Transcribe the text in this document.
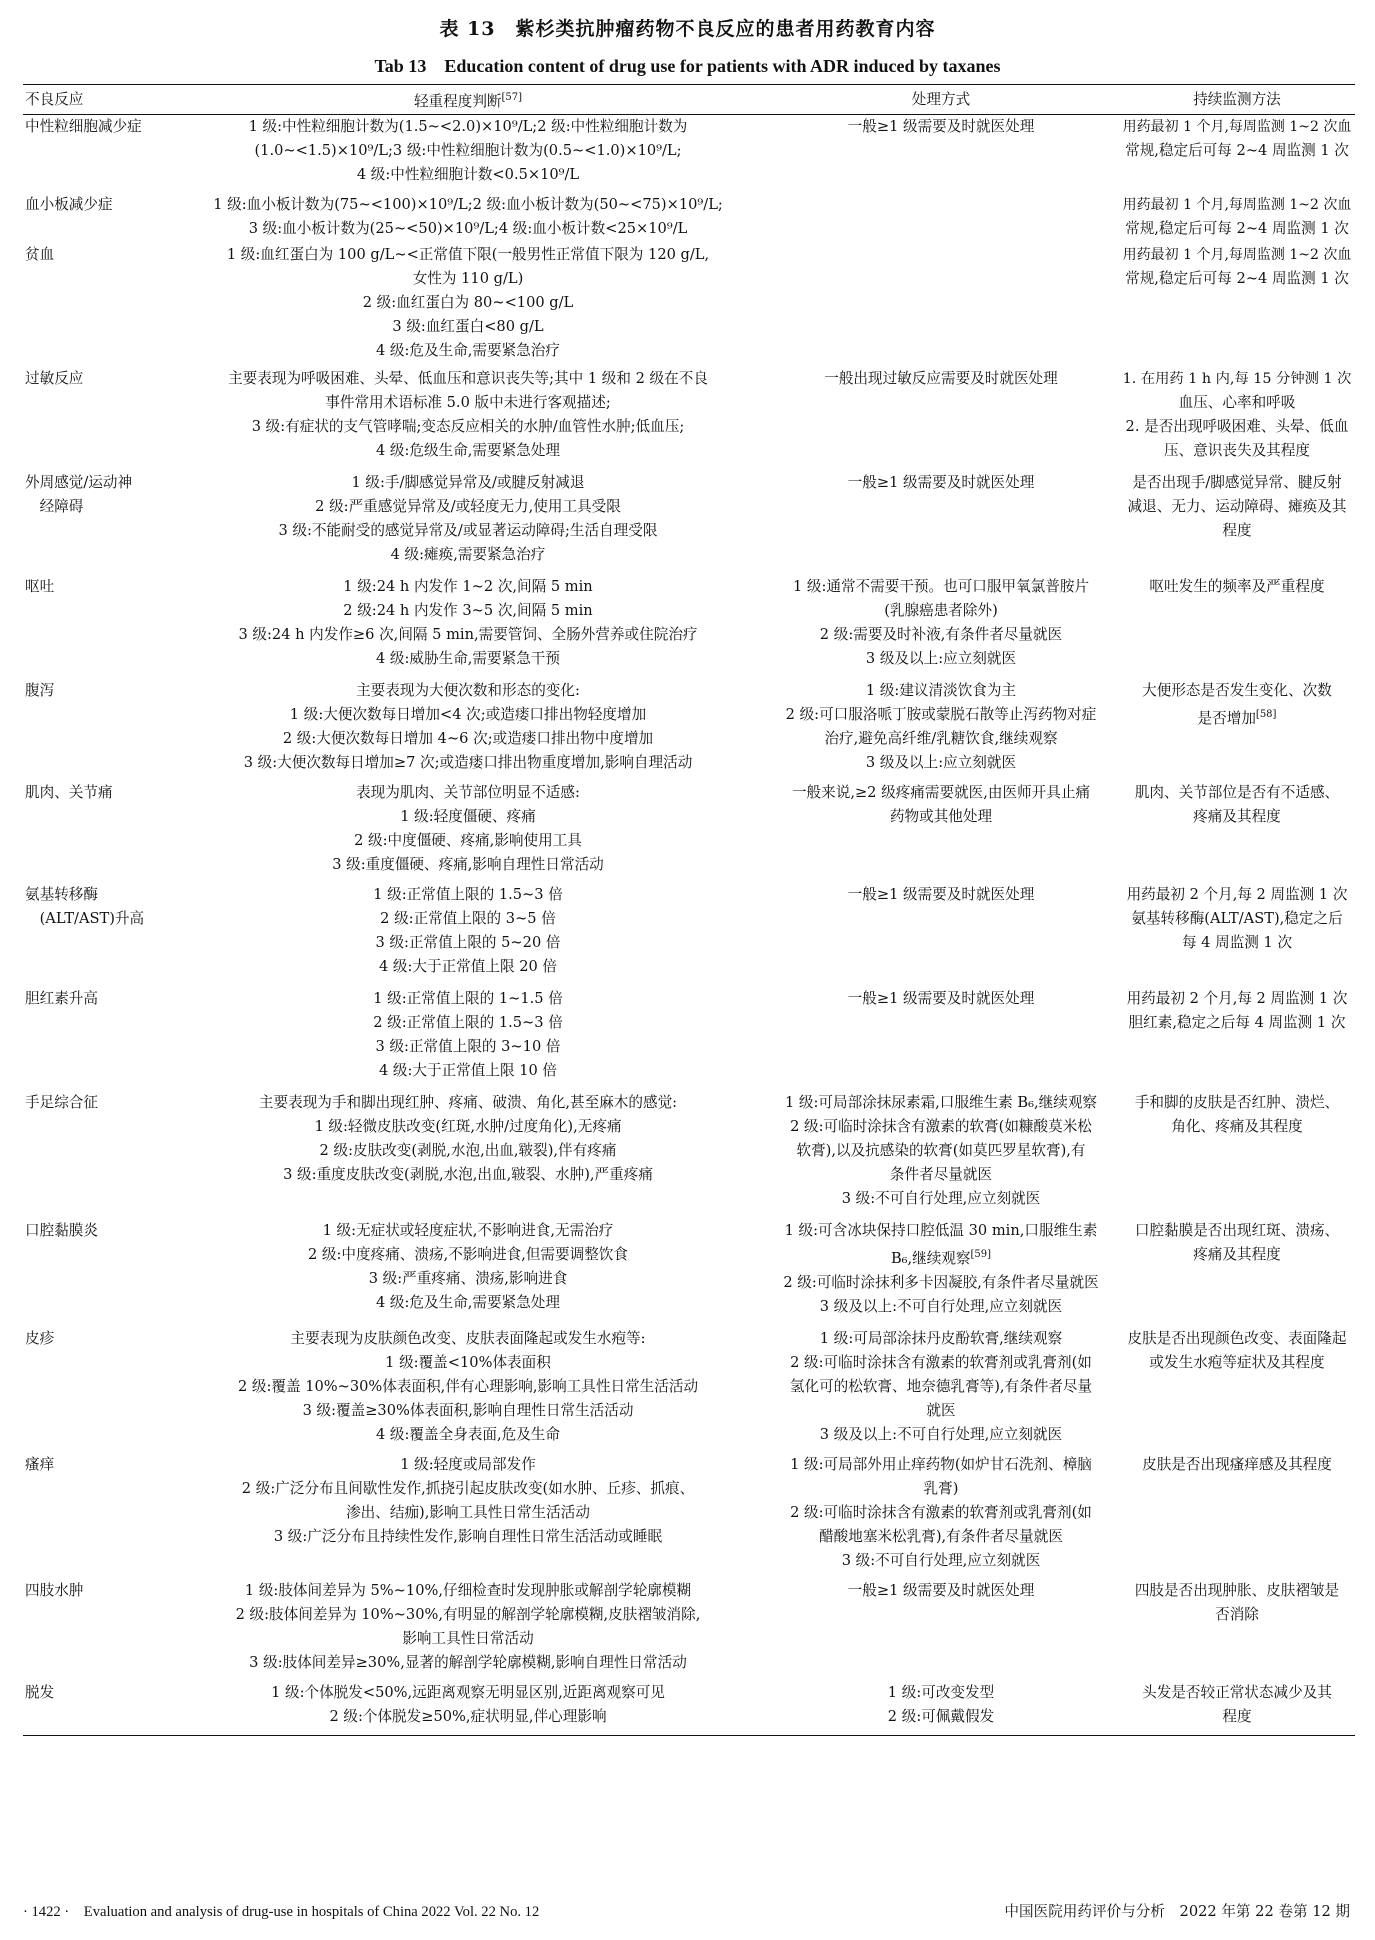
表 13　紫杉类抗肿瘤药物不良反应的患者用药教育内容
Tab 13　Education content of drug use for patients with ADR induced by taxanes
不良反应	轻重程度判断[57]	处理方式	持续监测方法

中性粒细胞减少症	1 级:中性粒细胞计数为(1.5~<2.0)×10⁹/L;2 级:中性粒细胞计数为
(1.0~<1.5)×10⁹/L;3 级:中性粒细胞计数为(0.5~<1.0)×10⁹/L;
4 级:中性粒细胞计数<0.5×10⁹/L	一般≥1 级需要及时就医处理	用药最初 1 个月,每周监测 1~2 次血
常规,稳定后可每 2~4 周监测 1 次

血小板减少症	1 级:血小板计数为(75~<100)×10⁹/L;2 级:血小板计数为(50~<75)×10⁹/L;
3 级:血小板计数为(25~<50)×10⁹/L;4 级:血小板计数<25×10⁹/L		用药最初 1 个月,每周监测 1~2 次血
常规,稳定后可每 2~4 周监测 1 次

贫血	1 级:血红蛋白为 100 g/L~<正常值下限(一般男性正常值下限为 120 g/L,
女性为 110 g/L)
2 级:血红蛋白为 80~<100 g/L
3 级:血红蛋白<80 g/L
4 级:危及生命,需要紧急治疗		用药最初 1 个月,每周监测 1~2 次血
常规,稳定后可每 2~4 周监测 1 次

过敏反应	主要表现为呼吸困难、头晕、低血压和意识丧失等;其中 1 级和 2 级在不良
事件常用术语标准 5.0 版中未进行客观描述;
3 级:有症状的支气管哮喘;变态反应相关的水肿/血管性水肿;低血压;
4 级:危级生命,需要紧急处理	一般出现过敏反应需要及时就医处理	1. 在用药 1 h 内,每 15 分钟测 1 次
血压、心率和呼吸
2. 是否出现呼吸困难、头晕、低血
压、意识丧失及其程度

外周感觉/运动神
　经障碍	1 级:手/脚感觉异常及/或腱反射减退
2 级:严重感觉异常及/或轻度无力,使用工具受限
3 级:不能耐受的感觉异常及/或显著运动障碍;生活自理受限
4 级:瘫痪,需要紧急治疗	一般≥1 级需要及时就医处理	是否出现手/脚感觉异常、腱反射
减退、无力、运动障碍、瘫痪及其
程度

呕吐	1 级:24 h 内发作 1~2 次,间隔 5 min
2 级:24 h 内发作 3~5 次,间隔 5 min
3 级:24 h 内发作≥6 次,间隔 5 min,需要管饲、全肠外营养或住院治疗
4 级:威胁生命,需要紧急干预	1 级:通常不需要干预。也可口服甲氧氯普胺片
(乳腺癌患者除外)
2 级:需要及时补液,有条件者尽量就医
3 级及以上:应立刻就医	呕吐发生的频率及严重程度

腹泻	主要表现为大便次数和形态的变化:
1 级:大便次数每日增加<4 次;或造瘘口排出物轻度增加
2 级:大便次数每日增加 4~6 次;或造瘘口排出物中度增加
3 级:大便次数每日增加≥7 次;或造瘘口排出物重度增加,影响自理活动	1 级:建议清淡饮食为主
2 级:可口服洛哌丁胺或蒙脱石散等止泻药物对症
治疗,避免高纤维/乳糖饮食,继续观察
3 级及以上:应立刻就医	大便形态是否发生变化、次数
是否增加[58]

肌肉、关节痛	表现为肌肉、关节部位明显不适感:
1 级:轻度僵硬、疼痛
2 级:中度僵硬、疼痛,影响使用工具
3 级:重度僵硬、疼痛,影响自理性日常活动	一般来说,≥2 级疼痛需要就医,由医师开具止痛
药物或其他处理	肌肉、关节部位是否有不适感、
疼痛及其程度

氨基转移酶
　(ALT/AST)升高	1 级:正常值上限的 1.5~3 倍
2 级:正常值上限的 3~5 倍
3 级:正常值上限的 5~20 倍
4 级:大于正常值上限 20 倍	一般≥1 级需要及时就医处理	用药最初 2 个月,每 2 周监测 1 次
氨基转移酶(ALT/AST),稳定之后
每 4 周监测 1 次

胆红素升高	1 级:正常值上限的 1~1.5 倍
2 级:正常值上限的 1.5~3 倍
3 级:正常值上限的 3~10 倍
4 级:大于正常值上限 10 倍	一般≥1 级需要及时就医处理	用药最初 2 个月,每 2 周监测 1 次
胆红素,稳定之后每 4 周监测 1 次

手足综合征	主要表现为手和脚出现红肿、疼痛、破溃、角化,甚至麻木的感觉:
1 级:轻微皮肤改变(红斑,水肿/过度角化),无疼痛
2 级:皮肤改变(剥脱,水泡,出血,皲裂),伴有疼痛
3 级:重度皮肤改变(剥脱,水泡,出血,皲裂、水肿),严重疼痛	1 级:可局部涂抹尿素霜,口服维生素 B₆,继续观察
2 级:可临时涂抹含有激素的软膏(如糠酸莫米松
软膏),以及抗感染的软膏(如莫匹罗星软膏),有
条件者尽量就医
3 级:不可自行处理,应立刻就医	手和脚的皮肤是否红肿、溃烂、
角化、疼痛及其程度

口腔黏膜炎	1 级:无症状或轻度症状,不影响进食,无需治疗
2 级:中度疼痛、溃疡,不影响进食,但需要调整饮食
3 级:严重疼痛、溃疡,影响进食
4 级:危及生命,需要紧急处理	1 级:可含冰块保持口腔低温 30 min,口服维生素
B₆,继续观察[59]
2 级:可临时涂抹利多卡因凝胶,有条件者尽量就医
3 级及以上:不可自行处理,应立刻就医	口腔黏膜是否出现红斑、溃疡、
疼痛及其程度

皮疹	主要表现为皮肤颜色改变、皮肤表面隆起或发生水疱等:
1 级:覆盖<10%体表面积
2 级:覆盖 10%~30%体表面积,伴有心理影响,影响工具性日常生活活动
3 级:覆盖≥30%体表面积,影响自理性日常生活活动
4 级:覆盖全身表面,危及生命	1 级:可局部涂抹丹皮酚软膏,继续观察
2 级:可临时涂抹含有激素的软膏剂或乳膏剂(如
氢化可的松软膏、地奈德乳膏等),有条件者尽量
就医
3 级及以上:不可自行处理,应立刻就医	皮肤是否出现颜色改变、表面隆起
或发生水疱等症状及其程度

瘙痒	1 级:轻度或局部发作
2 级:广泛分布且间歇性发作,抓挠引起皮肤改变(如水肿、丘疹、抓痕、
渗出、结痂),影响工具性日常生活活动
3 级:广泛分布且持续性发作,影响自理性日常生活活动或睡眠	1 级:可局部外用止痒药物(如炉甘石洗剂、樟脑
乳膏)
2 级:可临时涂抹含有激素的软膏剂或乳膏剂(如
醋酸地塞米松乳膏),有条件者尽量就医
3 级:不可自行处理,应立刻就医	皮肤是否出现瘙痒感及其程度

四肢水肿	1 级:肢体间差异为 5%~10%,仔细检查时发现肿胀或解剖学轮廓模糊
2 级:肢体间差异为 10%~30%,有明显的解剖学轮廓模糊,皮肤褶皱消除,
影响工具性日常活动
3 级:肢体间差异≥30%,显著的解剖学轮廓模糊,影响自理性日常活动	一般≥1 级需要及时就医处理	四肢是否出现肿胀、皮肤褶皱是
否消除

脱发	1 级:个体脱发<50%,远距离观察无明显区别,近距离观察可见
2 级:个体脱发≥50%,症状明显,伴心理影响	1 级:可改变发型
2 级:可佩戴假发	头发是否较正常状态减少及其
程度
· 1422 ·　Evaluation and analysis of drug-use in hospitals of China 2022 Vol. 22 No. 12	中国医院用药评价与分析　2022 年第 22 卷第 12 期
